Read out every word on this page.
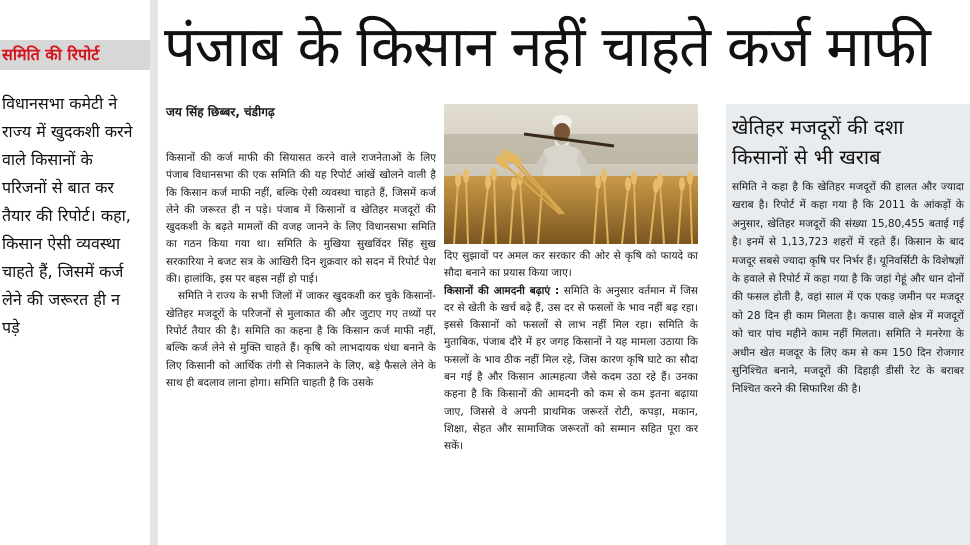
समिति की रिपोर्ट

विधानसभा कमेटी ने राज्य में खुदकशी करने वाले किसानों के परिजनों से बात कर तैयार की रिपोर्ट। कहा, किसान ऐसी व्यवस्था चाहते हैं, जिसमें कर्ज लेने की जरूरत ही न पड़े

पंजाब के किसान नहीं चाहते कर्ज माफी
जय सिंह छिब्बर, चंडीगढ़

किसानों की कर्ज माफी की सियासत करने वाले राजनेताओं के लिए पंजाब विधानसभा की एक समिति की यह रिपोर्ट आंखें खोलने वाली है कि किसान कर्ज माफी नहीं, बल्कि ऐसी व्यवस्था चाहते हैं, जिसमें कर्ज लेने की जरूरत ही न पड़े। पंजाब में किसानों व खेतिहर मजदूरों की खुदकशी के बढ़ते मामलों की वजह जानने के लिए विधानसभा समिति का गठन किया गया था। समिति के मुखिया सुखविंदर सिंह सुख सरकारिया ने बजट सत्र के आखिरी दिन शुक्रवार को सदन में रिपोर्ट पेश की। हालांकि, इस पर बहस नहीं हो पाई।

समिति ने राज्य के सभी जिलों में जाकर खुदकशी कर चुके किसानों-खेतिहर मजदूरों के परिजनों से मुलाकात की और जुटाए गए तथ्यों पर रिपोर्ट तैयार की है। समिति का कहना है कि किसान कर्ज माफी नहीं, बल्कि कर्ज लेने से मुक्ति चाहते हैं। कृषि को लाभदायक धंधा बनाने के लिए किसानी को आर्थिक तंगी से निकालने के लिए, बड़े फैसले लेने के साथ ही बदलाव लाना होगा। समिति चाहती है कि उसके

दिए सुझावों पर अमल कर सरकार की ओर से कृषि को फायदे का सौदा बनाने का प्रयास किया जाए।

किसानों की आमदनी बढ़ाएं : समिति के अनुसार वर्तमान में जिस दर से खेती के खर्च बढ़े हैं, उस दर से फसलों के भाव नहीं बढ़ रहा। इससे किसानों को फसलों से लाभ नहीं मिल रहा। समिति के मुताबिक, पंजाब दौरे में हर जगह किसानों ने यह मामला उठाया कि फसलों के भाव ठीक नहीं मिल रहे, जिस कारण कृषि घाटे का सौदा बन गई है और किसान आत्महत्या जैसे कदम उठा रहे हैं। उनका कहना है कि किसानों की आमदनी को कम से कम इतना बढ़ाया जाए, जिससे वे अपनी प्राथमिक जरूरतें रोटी, कपड़ा, मकान, शिक्षा, सेहत और सामाजिक जरूरतों को सम्मान सहित पूरा कर सकें।

खेतिहर मजदूरों की दशा किसानों से भी खराब

समिति ने कहा है कि खेतिहर मजदूरों की हालत और ज्यादा खराब है। रिपोर्ट में कहा गया है कि 2011 के आंकड़ों के अनुसार, खेतिहर मजदूरों की संख्या 15,80,455 बताई गई है। इनमें से 1,13,723 शहरों में रहते हैं। किसान के बाद मजदूर सबसे ज्यादा कृषि पर निर्भर हैं। यूनिवर्सिटी के विशेषज्ञों के हवाले से रिपोर्ट में कहा गया है कि जहां गेहूं और धान दोनों की फसल होती है, वहां साल में एक एकड़ जमीन पर मजदूर को 28 दिन ही काम मिलता है। कपास वाले क्षेत्र में मजदूरों को चार पांच महीने काम नहीं मिलता। समिति ने मनरेगा के अधीन खेत मजदूर के लिए कम से कम 150 दिन रोजगार सुनिश्चित बनाने, मजदूरों की दिहाड़ी डीसी रेट के बराबर निश्चित करने की सिफारिश की है।
